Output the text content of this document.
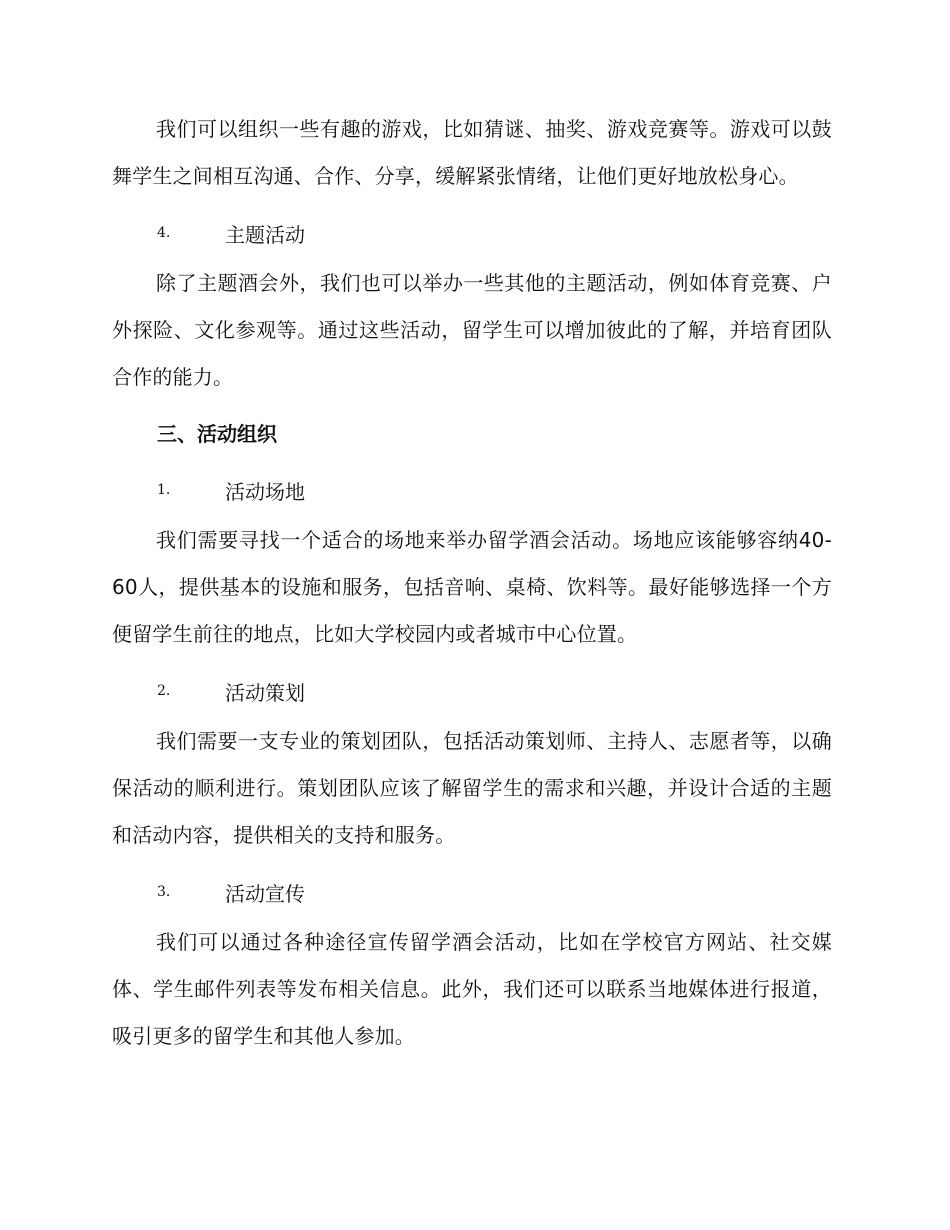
我们可以组织一些有趣的游戏，比如猜谜、抽奖、游戏竞赛等。游戏可以鼓舞学生之间相互沟通、合作、分享，缓解紧张情绪，让他们更好地放松身心。

4.	主题活动

除了主题酒会外，我们也可以举办一些其他的主题活动，例如体育竞赛、户外探险、文化参观等。通过这些活动，留学生可以增加彼此的了解，并培育团队合作的能力。

三、活动组织
1.	活动场地

我们需要寻找一个适合的场地来举办留学酒会活动。场地应该能够容纳40-60人，提供基本的设施和服务，包括音响、桌椅、饮料等。最好能够选择一个方便留学生前往的地点，比如大学校园内或者城市中心位置。

2.	活动策划

我们需要一支专业的策划团队，包括活动策划师、主持人、志愿者等，以确保活动的顺利进行。策划团队应该了解留学生的需求和兴趣，并设计合适的主题和活动内容，提供相关的支持和服务。

3.	活动宣传

我们可以通过各种途径宣传留学酒会活动，比如在学校官方网站、社交媒体、学生邮件列表等发布相关信息。此外，我们还可以联系当地媒体进行报道，吸引更多的留学生和其他人参加。
